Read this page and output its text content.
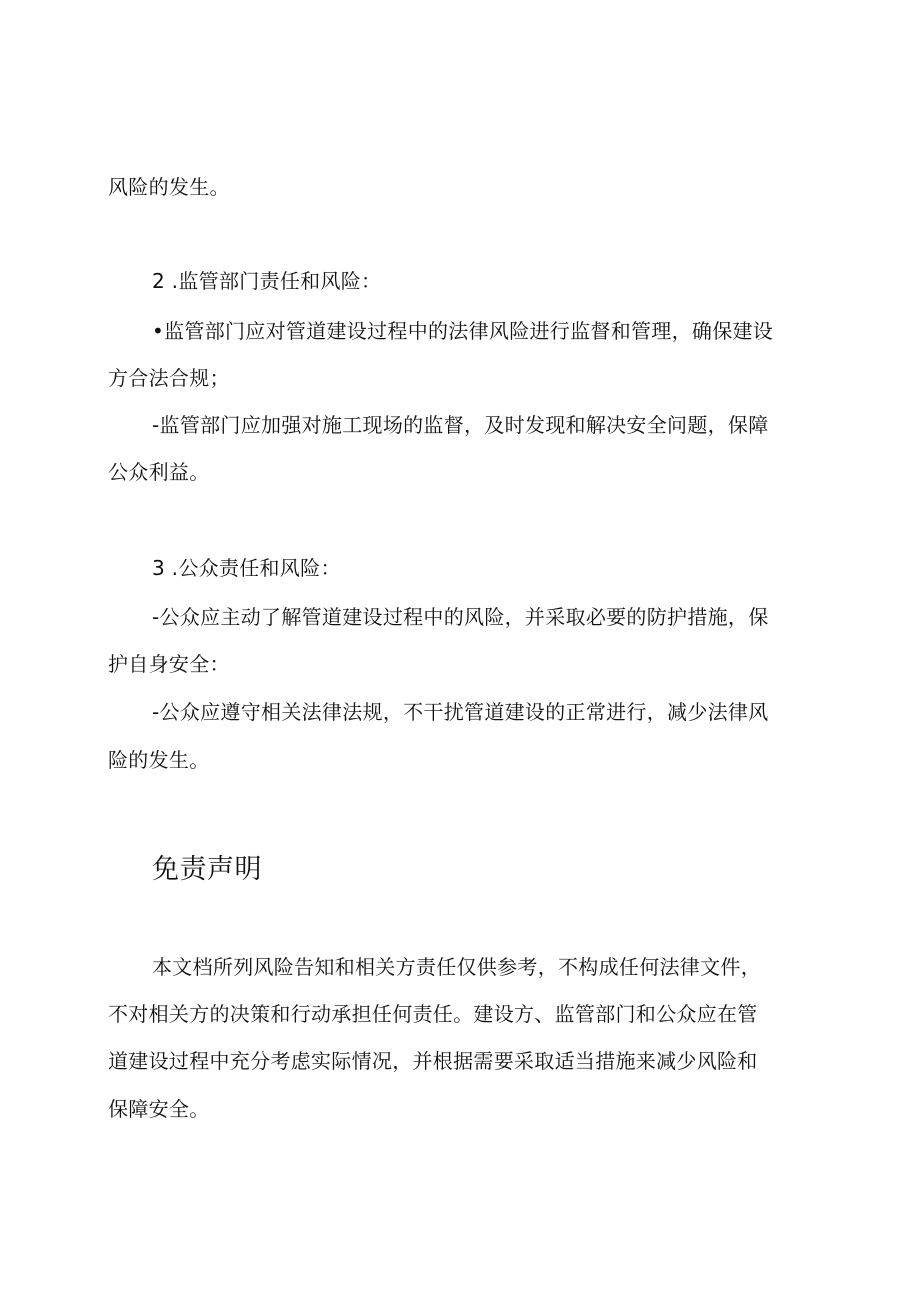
风险的发生。
2 .监管部门责任和风险：
•监管部门应对管道建设过程中的法律风险进行监督和管理，确保建设
方合法合规；
-监管部门应加强对施工现场的监督，及时发现和解决安全问题，保障
公众利益。
3 .公众责任和风险：
-公众应主动了解管道建设过程中的风险，并采取必要的防护措施，保
护自身安全：
-公众应遵守相关法律法规，不干扰管道建设的正常进行，减少法律风
险的发生。
免责声明
本文档所列风险告知和相关方责任仅供参考，不构成任何法律文件，
不对相关方的决策和行动承担任何责任。建设方、监管部门和公众应在管
道建设过程中充分考虑实际情况，并根据需要采取适当措施来减少风险和
保障安全。
